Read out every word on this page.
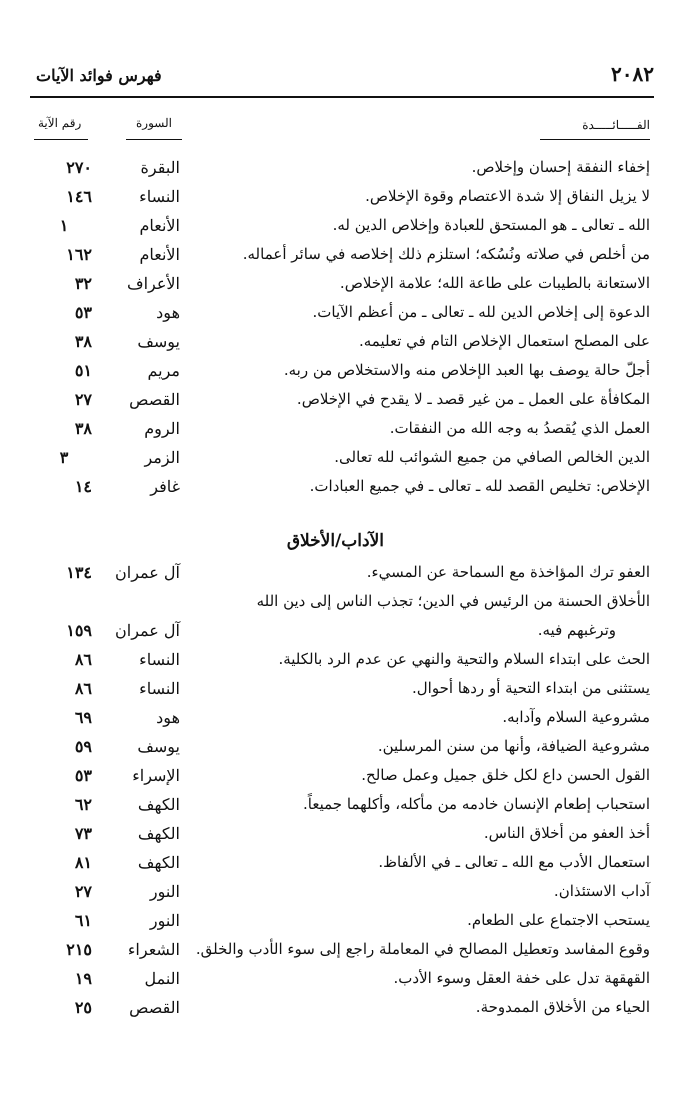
فهرس فوائد الآيات	٢٠٨٢
الفـــــائـــــدة
السورة
رقم الآية
إخفاء النفقة إحسان وإخلاص.
البقرة
٢٧٠
لا يزيل النفاق إلا شدة الاعتصام وقوة الإخلاص.
النساء
١٤٦
الله ـ تعالى ـ هو المستحق للعبادة وإخلاص الدين له.
الأنعام
١
من أخلص في صلاته ونُسُكه؛ استلزم ذلك إخلاصه في سائر أعماله.
الأنعام
١٦٢
الاستعانة بالطيبات على طاعة الله؛ علامة الإخلاص.
الأعراف
٣٢
الدعوة إلى إخلاص الدين لله ـ تعالى ـ من أعظم الآيات.
هود
٥٣
على المصلح استعمال الإخلاص التام في تعليمه.
يوسف
٣٨
أجلّ حالة يوصف بها العبد الإخلاص منه والاستخلاص من ربه.
مريم
٥١
المكافأة على العمل ـ من غير قصد ـ لا يقدح في الإخلاص.
القصص
٢٧
العمل الذي يُقصدُ به وجه الله من النفقات.
الروم
٣٨
الدين الخالص الصافي من جميع الشوائب لله تعالى.
الزمر
٣
الإخلاص: تخليص القصد لله ـ تعالى ـ في جميع العبادات.
غافر
١٤
الآداب/الأخلاق
العفو ترك المؤاخذة مع السماحة عن المسيء.
آل عمران
١٣٤
الأخلاق الحسنة من الرئيس في الدين؛ تجذب الناس إلى دين الله
وترغبهم فيه.
آل عمران
١٥٩
الحث على ابتداء السلام والتحية والنهي عن عدم الرد بالكلية.
النساء
٨٦
يستثنى من ابتداء التحية أو ردها أحوال.
النساء
٨٦
مشروعية السلام وآدابه.
هود
٦٩
مشروعية الضيافة، وأنها من سنن المرسلين.
يوسف
٥٩
القول الحسن داع لكل خلق جميل وعمل صالح.
الإسراء
٥٣
استحباب إطعام الإنسان خادمه من مأكله، وأكلهما جميعاً.
الكهف
٦٢
أخذ العفو من أخلاق الناس.
الكهف
٧٣
استعمال الأدب مع الله ـ تعالى ـ في الألفاظ.
الكهف
٨١
آداب الاستئذان.
النور
٢٧
يستحب الاجتماع على الطعام.
النور
٦١
وقوع المفاسد وتعطيل المصالح في المعاملة راجع إلى سوء الأدب والخلق.
الشعراء
٢١٥
القهقهة تدل على خفة العقل وسوء الأدب.
النمل
١٩
الحياء من الأخلاق الممدوحة.
القصص
٢٥
